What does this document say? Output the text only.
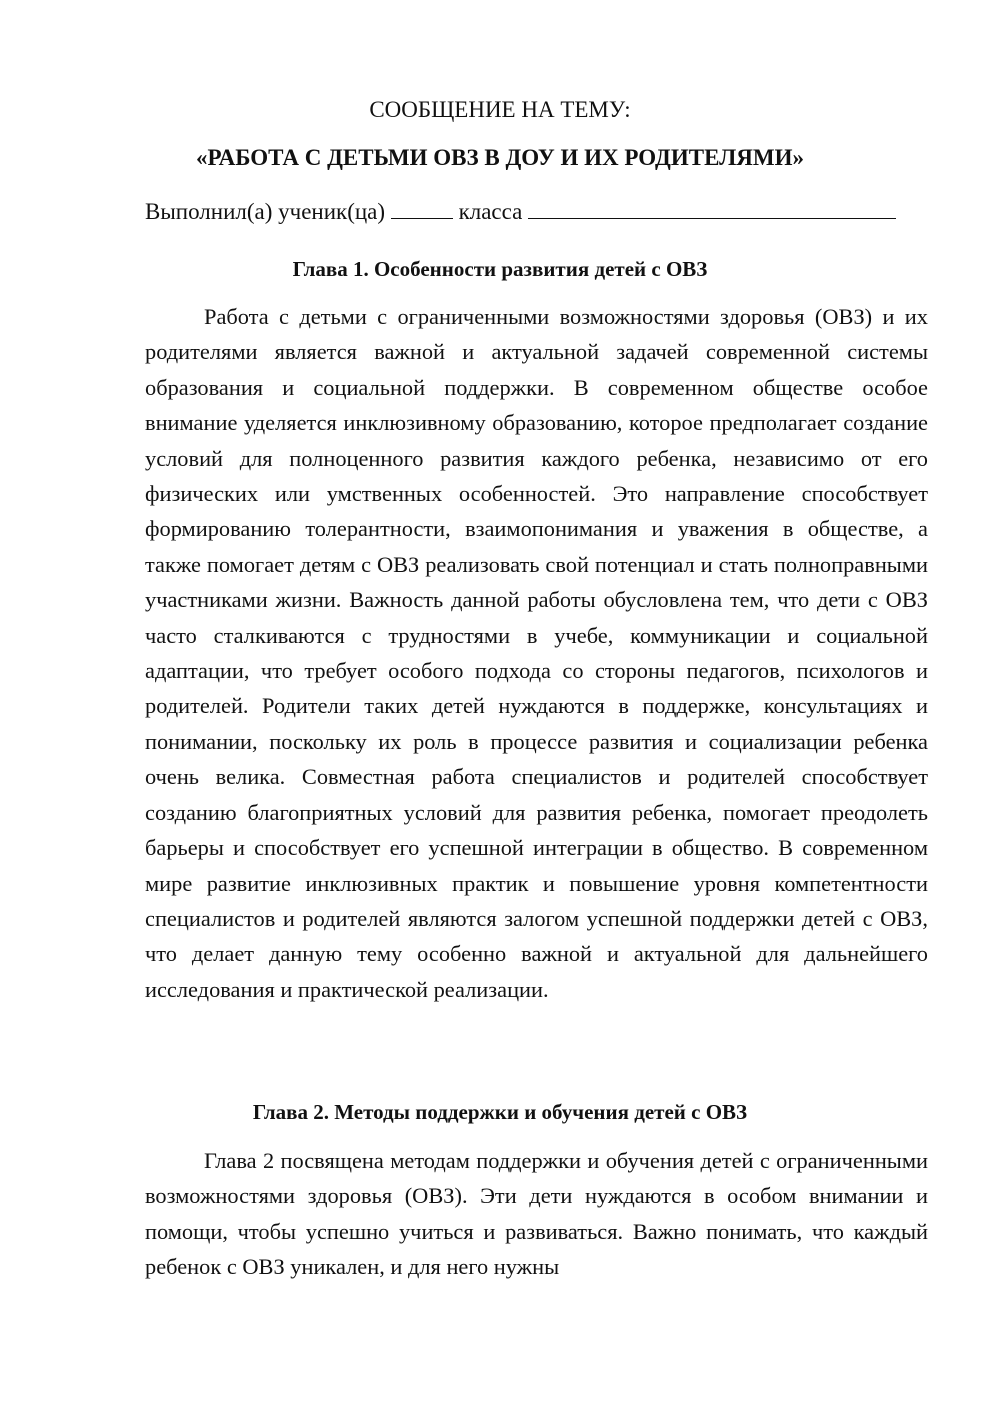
СООБЩЕНИЕ НА ТЕМУ:
«РАБОТА С ДЕТЬМИ ОВЗ В ДОУ И ИХ РОДИТЕЛЯМИ»
Выполнил(а) ученик(ца)	класса
Глава 1. Особенности развития детей с ОВЗ

Работа с детьми с ограниченными возможностями здоровья (ОВЗ) и их родителями является важной и актуальной задачей современной системы образования и социальной поддержки. В современном обществе особое внимание уделяется инклюзивному образованию, которое предполагает создание условий для полноценного развития каждого ребенка, независимо от его физических или умственных особенностей. Это направление способствует формированию толерантности, взаимопонимания и уважения в обществе, а также помогает детям с ОВЗ реализовать свой потенциал и стать полноправными участниками жизни. Важность данной работы обусловлена тем, что дети с ОВЗ часто сталкиваются с трудностями в учебе, коммуникации и социальной адаптации, что требует особого подхода со стороны педагогов, психологов и родителей. Родители таких детей нуждаются в поддержке, консультациях и понимании, поскольку их роль в процессе развития и социализации ребенка очень велика. Совместная работа специалистов и родителей способствует созданию благоприятных условий для развития ребенка, помогает преодолеть барьеры и способствует его успешной интеграции в общество. В современном мире развитие инклюзивных практик и повышение уровня компетентности специалистов и родителей являются залогом успешной поддержки детей с ОВЗ, что делает данную тему особенно важной и актуальной для дальнейшего исследования и практической реализации.

Глава 2. Методы поддержки и обучения детей с ОВЗ

Глава 2 посвящена методам поддержки и обучения детей с ограниченными возможностями здоровья (ОВЗ). Эти дети нуждаются в особом внимании и помощи, чтобы успешно учиться и развиваться. Важно понимать, что каждый ребенок с ОВЗ уникален, и для него нужны
